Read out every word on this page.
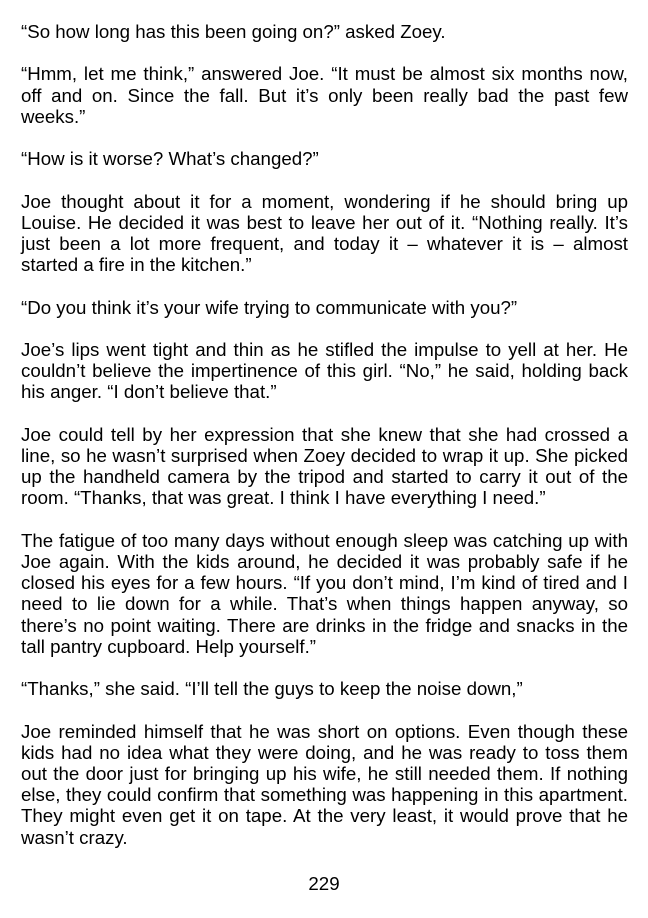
“So how long has this been going on?” asked Zoey.

“Hmm, let me think,” answered Joe. “It must be almost six months now, off and on. Since the fall. But it’s only been really bad the past few weeks.”

“How is it worse? What’s changed?”

Joe thought about it for a moment, wondering if he should bring up Louise. He decided it was best to leave her out of it. “Nothing really. It’s just been a lot more frequent, and today it – whatever it is – almost started a fire in the kitchen.”

“Do you think it’s your wife trying to communicate with you?”

Joe’s lips went tight and thin as he stifled the impulse to yell at her. He couldn’t believe the impertinence of this girl. “No,” he said, holding back his anger. “I don’t believe that.”

Joe could tell by her expression that she knew that she had crossed a line, so he wasn’t surprised when Zoey decided to wrap it up. She picked up the handheld camera by the tripod and started to carry it out of the room. “Thanks, that was great. I think I have everything I need.”

The fatigue of too many days without enough sleep was catching up with Joe again. With the kids around, he decided it was probably safe if he closed his eyes for a few hours. “If you don’t mind, I’m kind of tired and I need to lie down for a while. That’s when things happen anyway, so there’s no point waiting. There are drinks in the fridge and snacks in the tall pantry cupboard. Help yourself.”

“Thanks,” she said. “I’ll tell the guys to keep the noise down,”

Joe reminded himself that he was short on options. Even though these kids had no idea what they were doing, and he was ready to toss them out the door just for bringing up his wife, he still needed them. If nothing else, they could confirm that something was happening in this apartment. They might even get it on tape. At the very least, it would prove that he wasn’t crazy.

229
